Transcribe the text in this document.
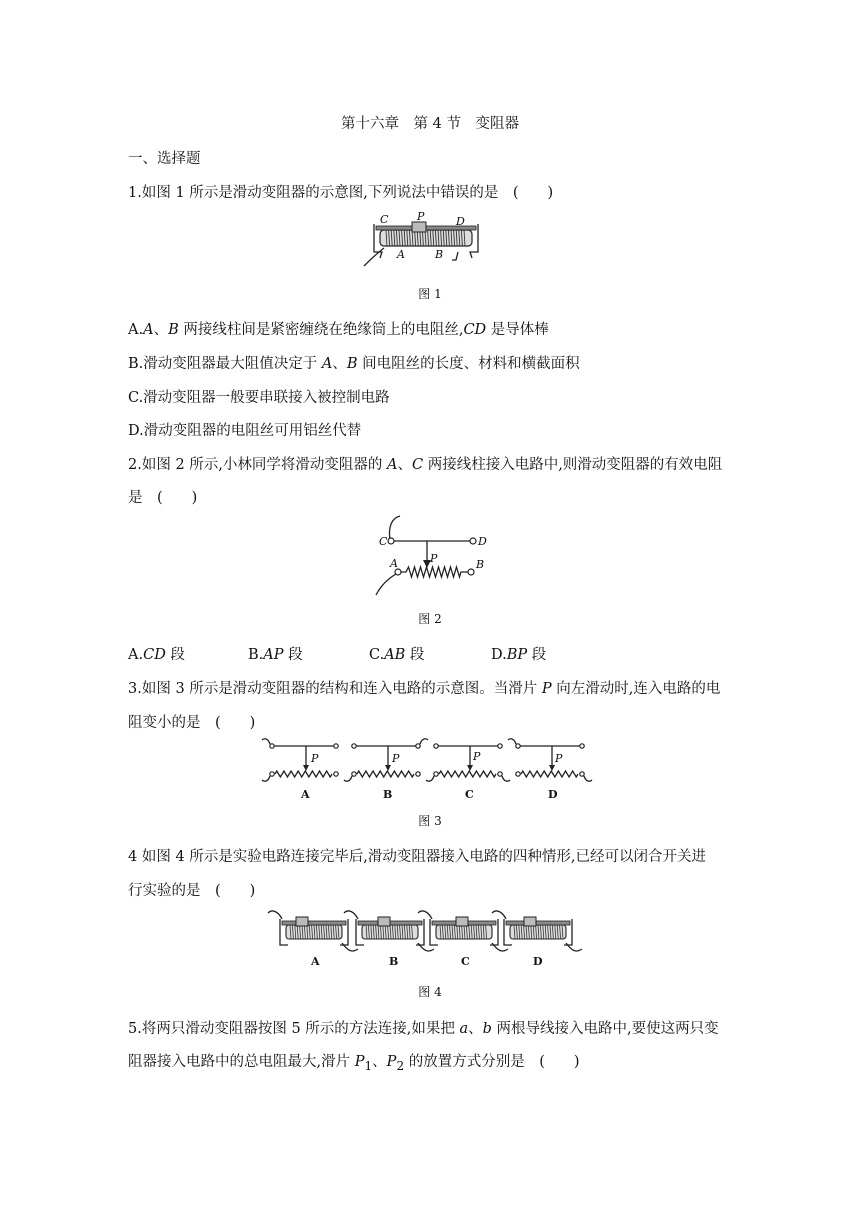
第十六章　第 4 节　变阻器
一、选择题
1.如图 1 所示是滑动变阻器的示意图,下列说法中错误的是　(　　)
C	P	D
A	B
图 1
A.A、B 两接线柱间是紧密缠绕在绝缘筒上的电阻丝,CD 是导体棒
B.滑动变阻器最大阻值决定于 A、B 间电阻丝的长度、材料和横截面积
C.滑动变阻器一般要串联接入被控制电路
D.滑动变阻器的电阻丝可用铝丝代替
2.如图 2 所示,小林同学将滑动变阻器的 A、C 两接线柱接入电路中,则滑动变阻器的有效电阻
是　(　　)
C	D
P
A	B
图 2
A.CD 段	B.AP 段	C.AB 段	D.BP 段
3.如图 3 所示是滑动变阻器的结构和连入电路的示意图。当滑片 P 向左滑动时,连入电路的电
阻变小的是　(　　)
P	P	P	P
A	B	C	D
图 3
4 如图 4 所示是实验电路连接完毕后,滑动变阻器接入电路的四种情形,已经可以闭合开关进
行实验的是　(　　)
A	B	C	D
图 4
5.将两只滑动变阻器按图 5 所示的方法连接,如果把 a、b 两根导线接入电路中,要使这两只变
阻器接入电路中的总电阻最大,滑片 $P_1$、$P_2$ 的放置方式分别是　(　　)
